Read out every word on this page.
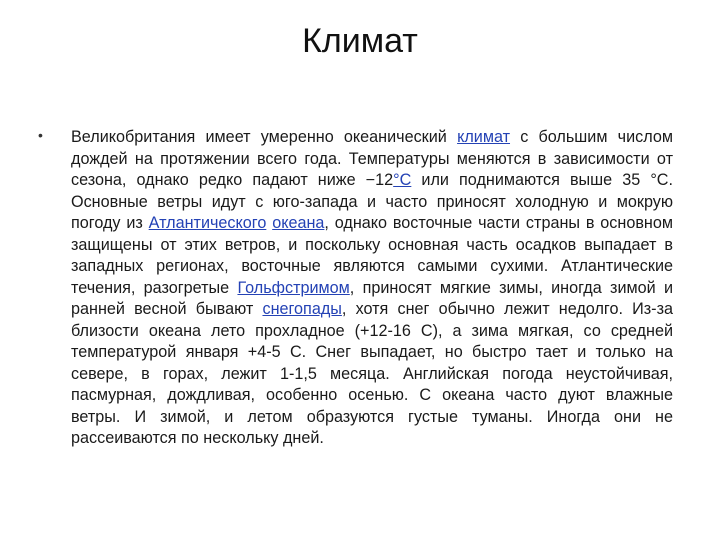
Климат
• Великобритания имеет умеренно океанический климат с большим числом дождей на протяжении всего года. Температуры меняются в зависимости от сезона, однако редко падают ниже −12°C или поднимаются выше 35 °C. Основные ветры идут с юго-запада и часто приносят холодную и мокрую погоду из Атлантического океана, однако восточные части страны в основном защищены от этих ветров, и поскольку основная часть осадков выпадает в западных регионах, восточные являются самыми сухими. Атлантические течения, разогретые Гольфстримом, приносят мягкие зимы, иногда зимой и ранней весной бывают снегопады, хотя снег обычно лежит недолго. Из-за близости океана лето прохладное (+12-16 С), а зима мягкая, со средней температурой января +4-5 С. Снег выпадает, но быстро тает и только на севере, в горах, лежит 1-1,5 месяца. Английская погода неустойчивая, пасмурная, дождливая, особенно осенью. С океана часто дуют влажные ветры. И зимой, и летом образуются густые туманы. Иногда они не рассеиваются по нескольку дней.
